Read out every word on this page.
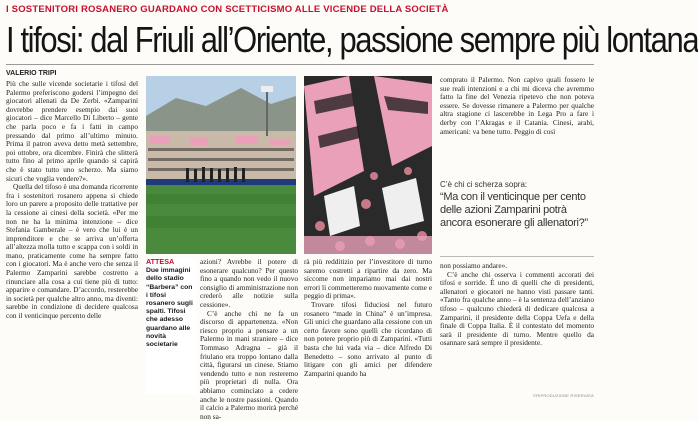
I SOSTENITORI ROSANERO GUARDANO CON SCETTICISMO ALLE VICENDE DELLA SOCIETÀ
I tifosi: dal Friuli all’Oriente, passione sempre più lontana
VALERIO TRIPI

Più che sulle vicende societarie i tifosi del Palermo preferiscono godersi l’impegno dei giocatori allenati da De Zerbi. «Zamparini dovrebbe prendere esempio dai suoi giocatori – dice Marcello Di Liberto – gente che parla poco e fa i fatti in campo pressando dal primo all’ultimo minuto. Prima il patron aveva detto metà settembre, poi ottobre, ora dicembre. Finirà che slitterà tutto fino al primo aprile quando si capirà che è stato tutto uno scherzo. Ma siamo sicuri che voglia vendere?».

Quella del tifoso è una domanda ricorrente fra i sostenitori rosanero appena si chiede loro un parere a proposito delle trattative per la cessione ai cinesi della società. «Per me non ne ha la minima intenzione – dice Stefania Gamberale – è vero che lui è un imprenditore e che se arriva un’offerta all’altezza molla tutto e scappa con i soldi in mano, praticamente come ha sempre fatto con i giocatori. Ma è anche vero che senza il Palermo Zamparini sarebbe costretto a rinunciare alla cosa a cui tiene più di tutto: apparire e comandare. D’accordo, resterebbe in società per qualche altro anno, ma diventi: sarebbe in condizione di decidere qualcosa con il venticinque percento delle

ATTESA
Due immagini dello stadio “Barbera” con i tifosi rosanero sugli spalti. Tifosi che adesso guardano alle novità societarie

azioni? Avrebbe il potere di esonerare qualcuno? Per questo fino a quando non vedo il nuovo consiglio di amministrazione non crederò alle notizie sulla cessione».

C’è anche chi ne fa un discorso di appartenenza. «Non riesco proprio a pensare a un Palermo in mani straniere – dice Tommaso Adragna – già il friulano era troppo lontano dalla città, figurarsi un cinese. Stiamo vendendo tutto e non resteremo più proprietari di nulla. Ora abbiamo cominciato a cedere anche le nostre passioni. Quando il calcio a Palermo morirà perché non sa-

rà più redditizio per l’investitore di turno saremo costretti a ripartire da zero. Ma siccome non impariamo mai dai nostri errori li commetteremo nuovamente come e peggio di prima».

Trovare tifosi fiduciosi nel futuro rosanero “made in China” è un’impresa. Gli unici che guardano alla cessione con un certo favore sono quelli che ricordano di non potere proprio più di Zamparini. «Tutti basta che lui vada via – dice Alfredo Di Benedetto – sono arrivato al punto di litigare con gli amici per difendere Zamparini quando ha

comprato il Palermo. Non capivo quali fossero le sue reali intenzioni e a chi mi diceva che avremmo fatto la fine del Venezia ripetevo che non poteva essere. Se dovesse rimanere a Palermo per qualche altra stagione ci lascerebbe in Lega Pro a fare i derby con l’Akragas e il Catania. Cinesi, arabi, americani: va bene tutto. Peggio di così

C’è chi ci scherza sopra:
“Ma con il venticinque per cento delle azioni Zamparini potrà ancora esonerare gli allenatori?”

non possiamo andare».

C’è anche chi osserva i commenti accorati dei tifosi e sorride. È uno di quelli che di presidenti, allenatori e giocatori ne hanno visti passare tanti. «Tanto fra qualche anno – è la sentenza dell’anziano tifoso – qualcuno chiederà di dedicare qualcosa a Zamparini, il presidente della Coppa Uefa e della finale di Coppa Italia. È il contestato del momento sarà il presidente di turno. Mentre quello da osannare sarà sempre il presidente.

©RIPRODUZIONE RISERVATA
